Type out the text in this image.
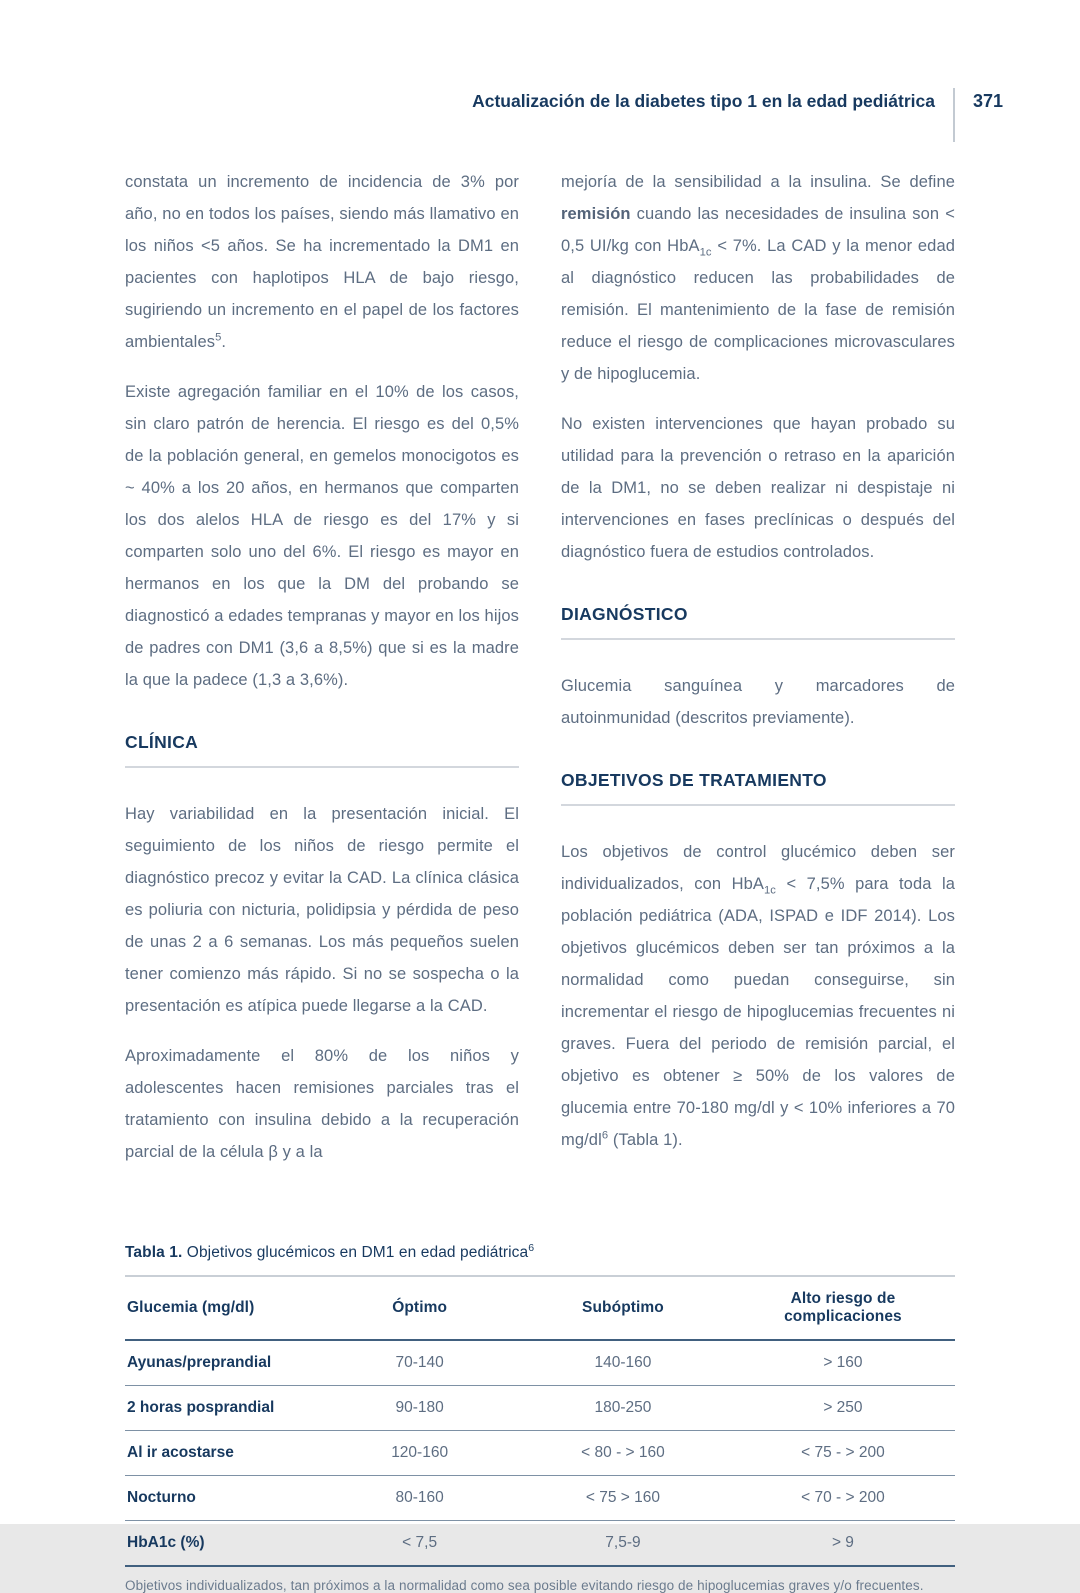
Actualización de la diabetes tipo 1 en la edad pediátrica 371

constata un incremento de incidencia de 3% por año, no en todos los países, siendo más llamativo en los niños <5 años. Se ha incrementado la DM1 en pacientes con haplotipos HLA de bajo riesgo, sugiriendo un incremento en el papel de los factores ambientales$^5$.

Existe agregación familiar en el 10% de los casos, sin claro patrón de herencia. El riesgo es del 0,5% de la población general, en gemelos monocigotos es ~ 40% a los 20 años, en hermanos que comparten los dos alelos HLA de riesgo es del 17% y si comparten solo uno del 6%. El riesgo es mayor en hermanos en los que la DM del probando se diagnosticó a edades tempranas y mayor en los hijos de padres con DM1 (3,6 a 8,5%) que si es la madre la que la padece (1,3 a 3,6%).

CLÍNICA

Hay variabilidad en la presentación inicial. El seguimiento de los niños de riesgo permite el diagnóstico precoz y evitar la CAD. La clínica clásica es poliuria con nicturia, polidipsia y pérdida de peso de unas 2 a 6 semanas. Los más pequeños suelen tener comienzo más rápido. Si no se sospecha o la presentación es atípica puede llegarse a la CAD.

Aproximadamente el 80% de los niños y adolescentes hacen remisiones parciales tras el tratamiento con insulina debido a la recuperación parcial de la célula β y a la

mejoría de la sensibilidad a la insulina. Se define remisión cuando las necesidades de insulina son < 0,5 UI/kg con HbA$_{1c}$ < 7%. La CAD y la menor edad al diagnóstico reducen las probabilidades de remisión. El mantenimiento de la fase de remisión reduce el riesgo de complicaciones microvasculares y de hipoglucemia.

No existen intervenciones que hayan probado su utilidad para la prevención o retraso en la aparición de la DM1, no se deben realizar ni despistaje ni intervenciones en fases preclínicas o después del diagnóstico fuera de estudios controlados.

DIAGNÓSTICO

Glucemia sanguínea y marcadores de autoinmunidad (descritos previamente).

OBJETIVOS DE TRATAMIENTO

Los objetivos de control glucémico deben ser individualizados, con HbA$_{1c}$ < 7,5% para toda la población pediátrica (ADA, ISPAD e IDF 2014). Los objetivos glucémicos deben ser tan próximos a la normalidad como puedan conseguirse, sin incrementar el riesgo de hipoglucemias frecuentes ni graves. Fuera del periodo de remisión parcial, el objetivo es obtener ≥ 50% de los valores de glucemia entre 70-180 mg/dl y < 10% inferiores a 70 $mg/dl^6$ (Tabla 1).

Tabla 1. Objetivos glucémicos en DM1 en edad pediátrica$^6$
Glucemia (mg/dl)	Óptimo	Subóptimo	Alto riesgo de complicaciones
Ayunas/preprandial	70-140	140-160	> 160
2 horas posprandial	90-180	180-250	> 250
Al ir acostarse	120-160	< 80 - > 160	< 75 - > 200
Nocturno	80-160	< 75 > 160	< 70 - > 200
HbA1c (%)	< 7,5	7,5-9	> 9
Objetivos individualizados, tan próximos a la normalidad como sea posible evitando riesgo de hipoglucemias graves y/o frecuentes.
